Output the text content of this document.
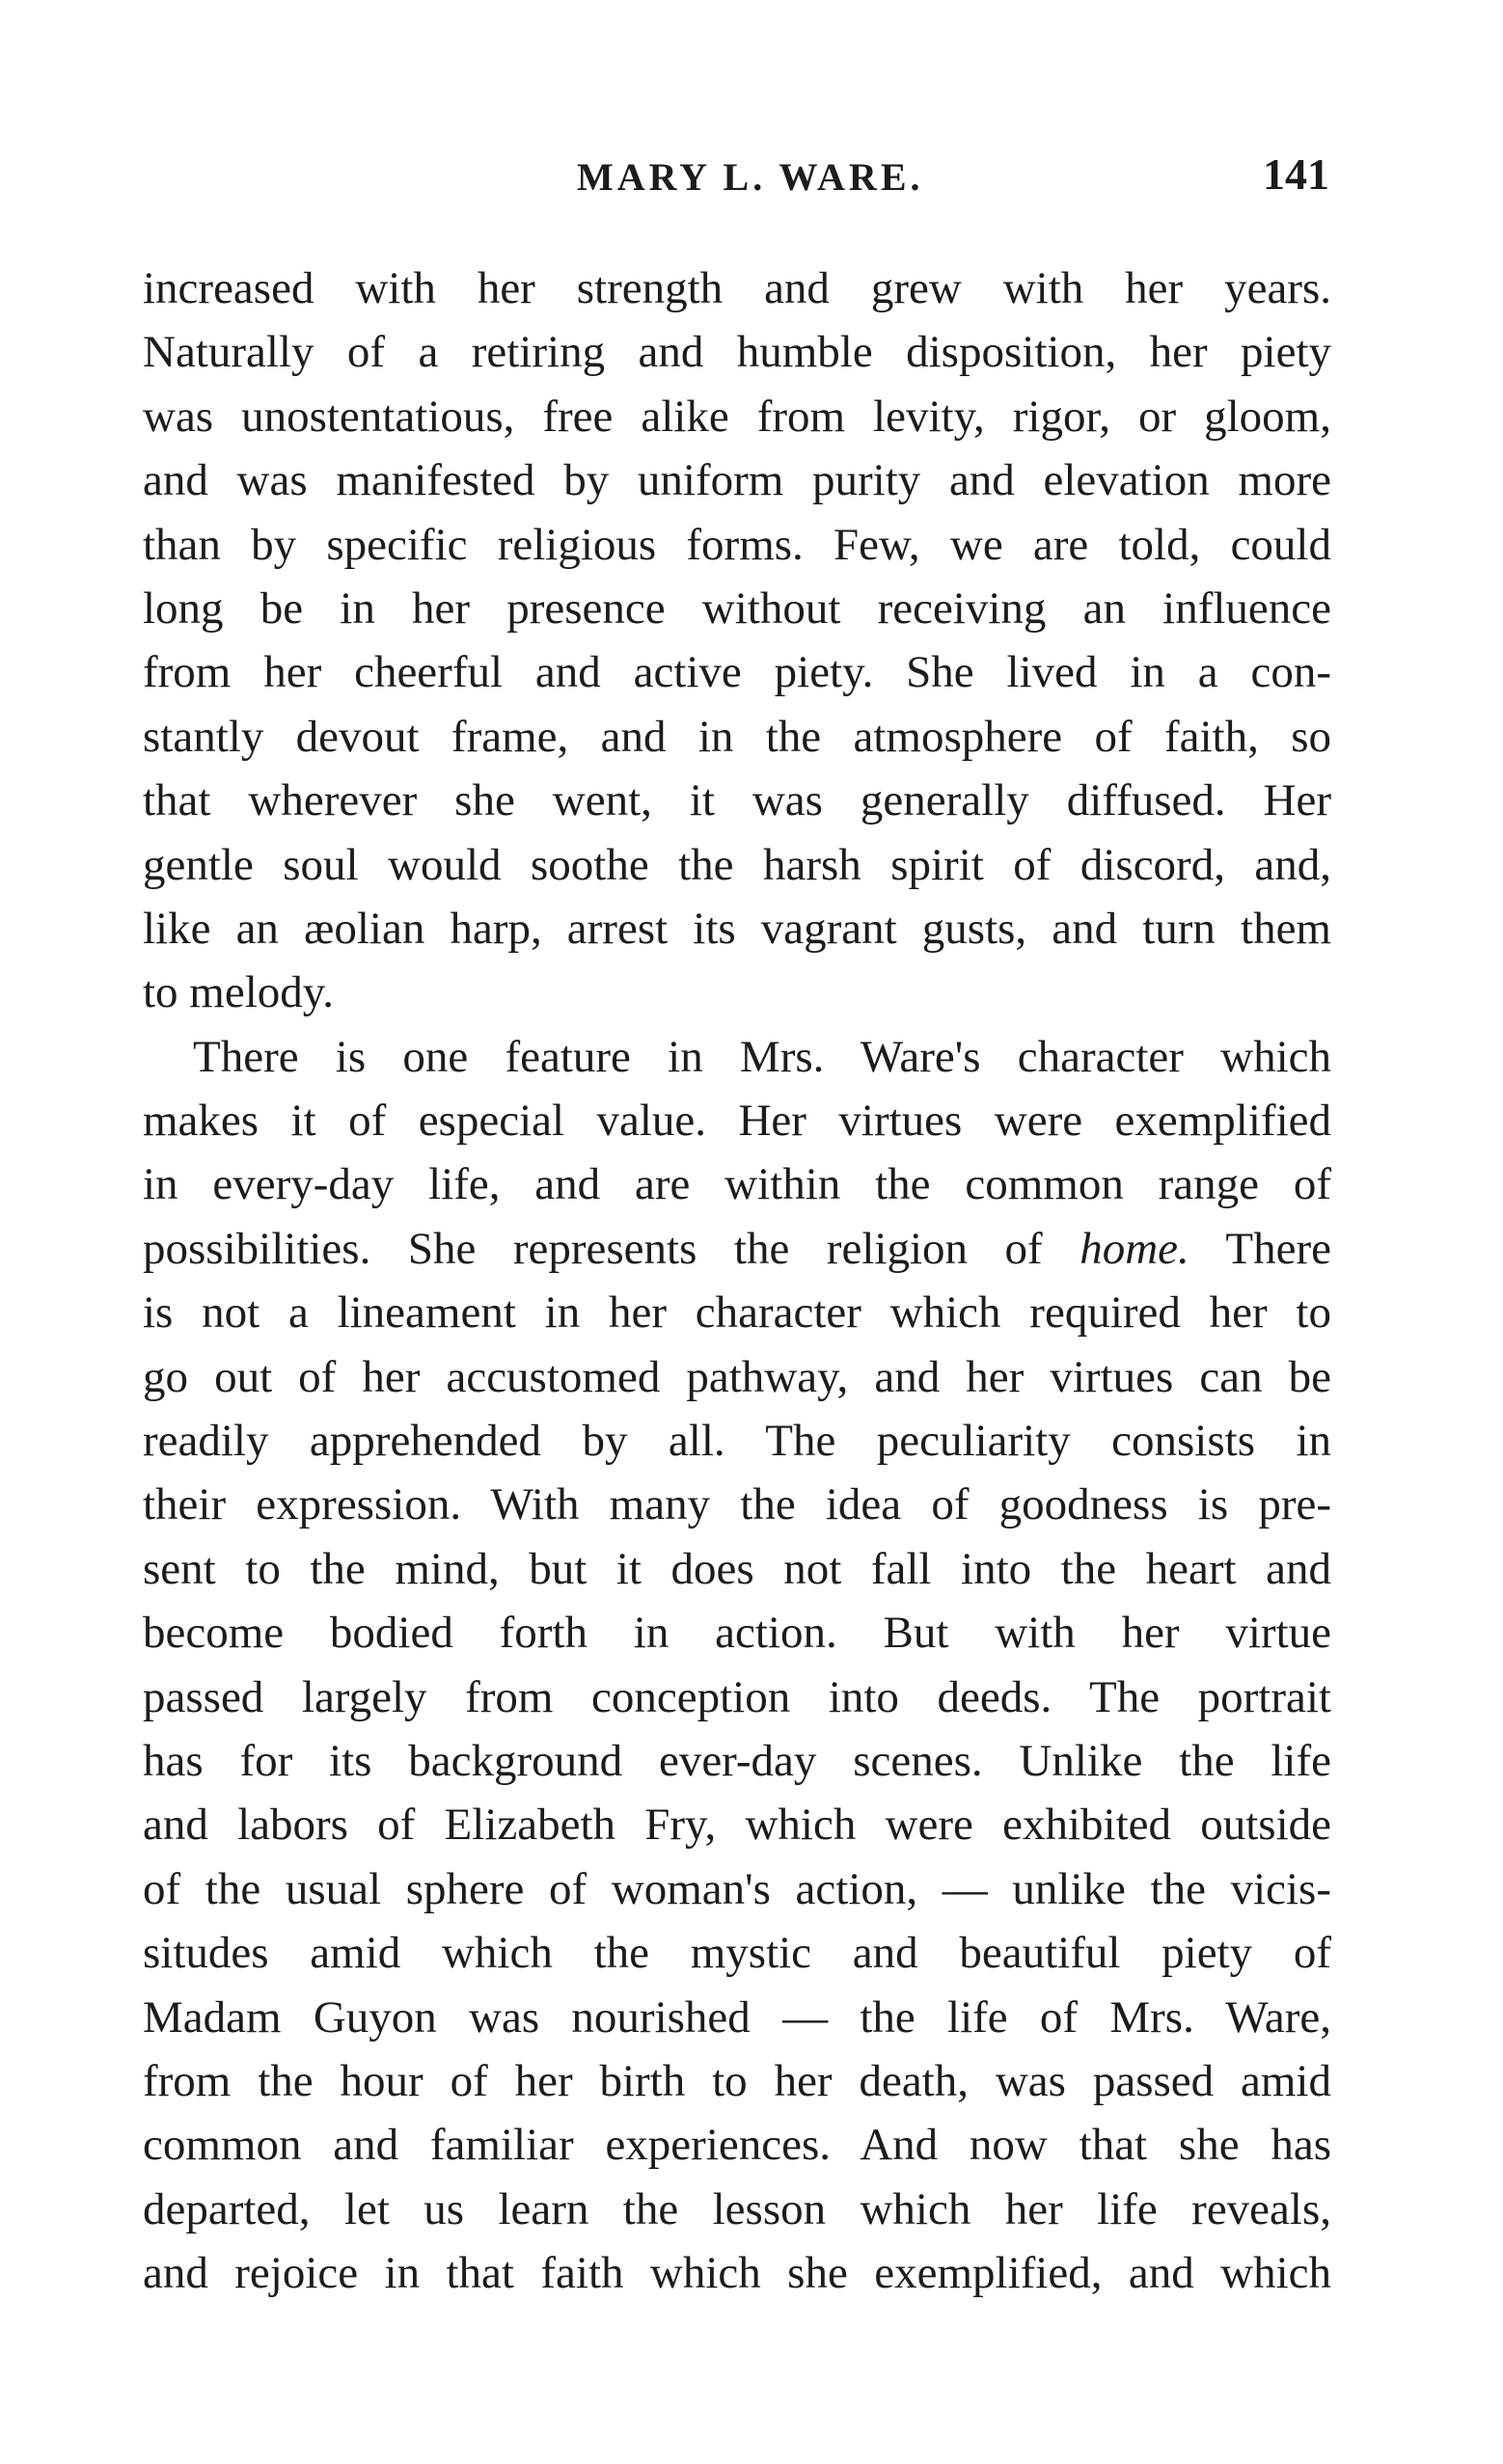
MARY L. WARE.	141
increased with her strength and grew with her years.
Naturally of a retiring and humble disposition, her piety
was unostentatious, free alike from levity, rigor, or gloom,
and was manifested by uniform purity and elevation more
than by specific religious forms. Few, we are told, could
long be in her presence without receiving an influence
from her cheerful and active piety. She lived in a con-
stantly devout frame, and in the atmosphere of faith, so
that wherever she went, it was generally diffused. Her
gentle soul would soothe the harsh spirit of discord, and,
like an æolian harp, arrest its vagrant gusts, and turn them
to melody.
There is one feature in Mrs. Ware's character which
makes it of especial value. Her virtues were exemplified
in every-day life, and are within the common range of
possibilities. She represents the religion of home. There
is not a lineament in her character which required her to
go out of her accustomed pathway, and her virtues can be
readily apprehended by all. The peculiarity consists in
their expression. With many the idea of goodness is pre-
sent to the mind, but it does not fall into the heart and
become bodied forth in action. But with her virtue
passed largely from conception into deeds. The portrait
has for its background ever-day scenes. Unlike the life
and labors of Elizabeth Fry, which were exhibited outside
of the usual sphere of woman's action, — unlike the vicis-
situdes amid which the mystic and beautiful piety of
Madam Guyon was nourished — the life of Mrs. Ware,
from the hour of her birth to her death, was passed amid
common and familiar experiences. And now that she has
departed, let us learn the lesson which her life reveals,
and rejoice in that faith which she exemplified, and which
